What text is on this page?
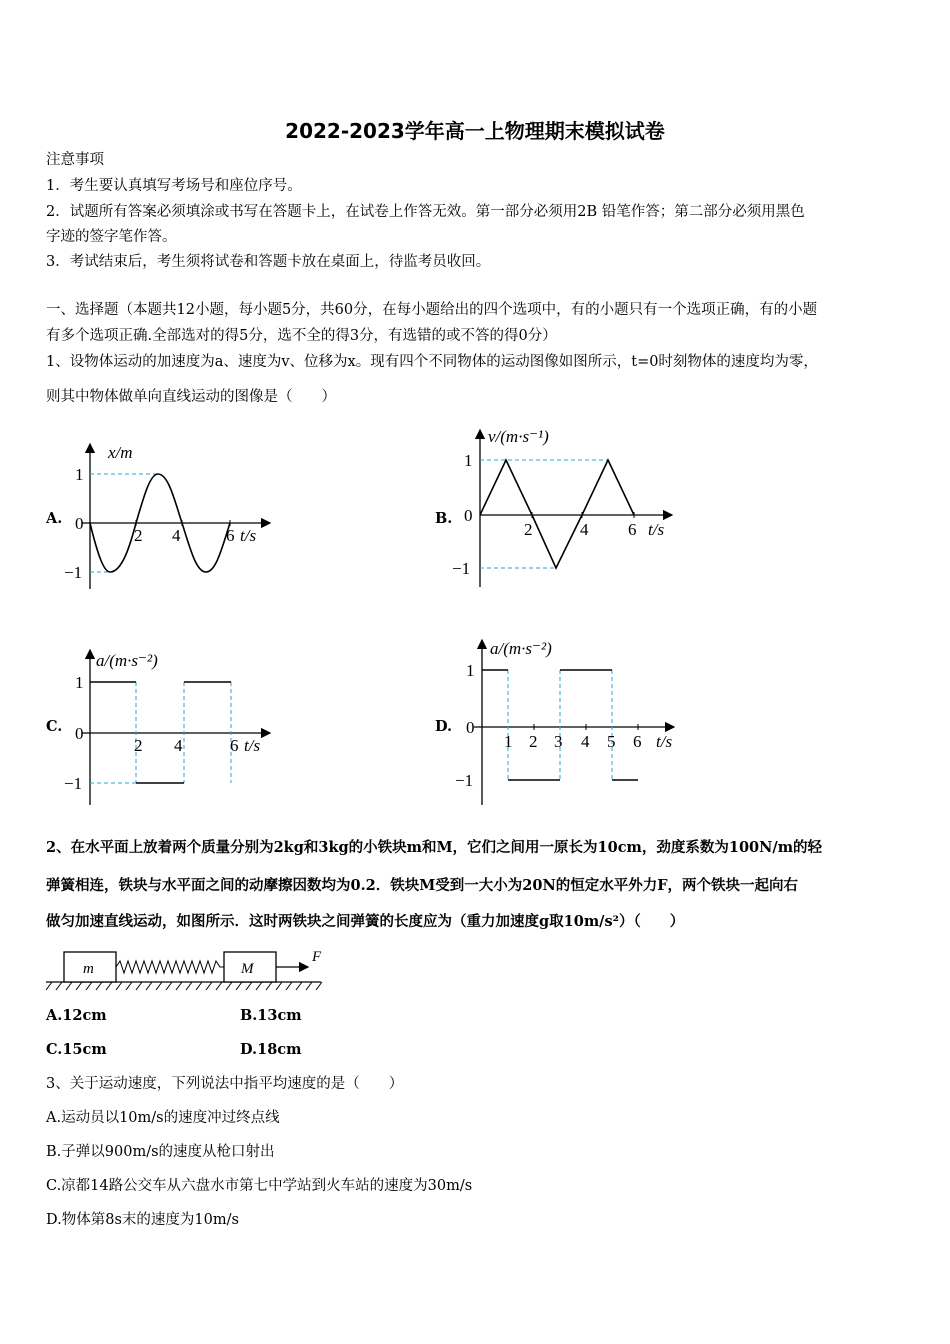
2022-2023学年高一上物理期末模拟试卷
注意事项
1．考生要认真填写考场号和座位序号。
2．试题所有答案必须填涂或书写在答题卡上，在试卷上作答无效。第一部分必须用2B 铅笔作答；第二部分必须用黑色
字迹的签字笔作答。
3．考试结束后，考生须将试卷和答题卡放在桌面上，待监考员收回。
一、选择题（本题共12小题，每小题5分，共60分，在每小题给出的四个选项中，有的小题只有一个选项正确，有的小题
有多个选项正确.全部选对的得5分，选不全的得3分，有选错的或不答的得0分）
1、设物体运动的加速度为a、速度为v、位移为x。现有四个不同物体的运动图像如图所示，t=0时刻物体的速度均为零，
则其中物体做单向直线运动的图像是（　　）
A.	B.
C.	D.
x/m
t/s
2 4	6
1
0
−1
v/(m·s⁻¹)
t/s
2	4 6
1
0
−1
a/(m·s⁻²)
t/s
2 4	6
1
0
−1
a/(m·s⁻²)
t/s
1 2 3 4 5 6
1
0
−1
2、在水平面上放着两个质量分别为2kg和3kg的小铁块m和M，它们之间用一原长为10cm，劲度系数为100N/m的轻
弹簧相连，铁块与水平面之间的动摩擦因数均为0.2．铁块M受到一大小为20N的恒定水平外力F，两个铁块一起向右
做匀加速直线运动，如图所示．这时两铁块之间弹簧的长度应为（重力加速度g取10m/s²）（　　）
m	M
F
A.12cm	B.13cm
C.15cm	D.18cm
3、关于运动速度，下列说法中指平均速度的是（　　）
A.运动员以10m/s的速度冲过终点线
B.子弹以900m/s的速度从枪口射出
C.凉都14路公交车从六盘水市第七中学站到火车站的速度为30m/s
D.物体第8s末的速度为10m/s
